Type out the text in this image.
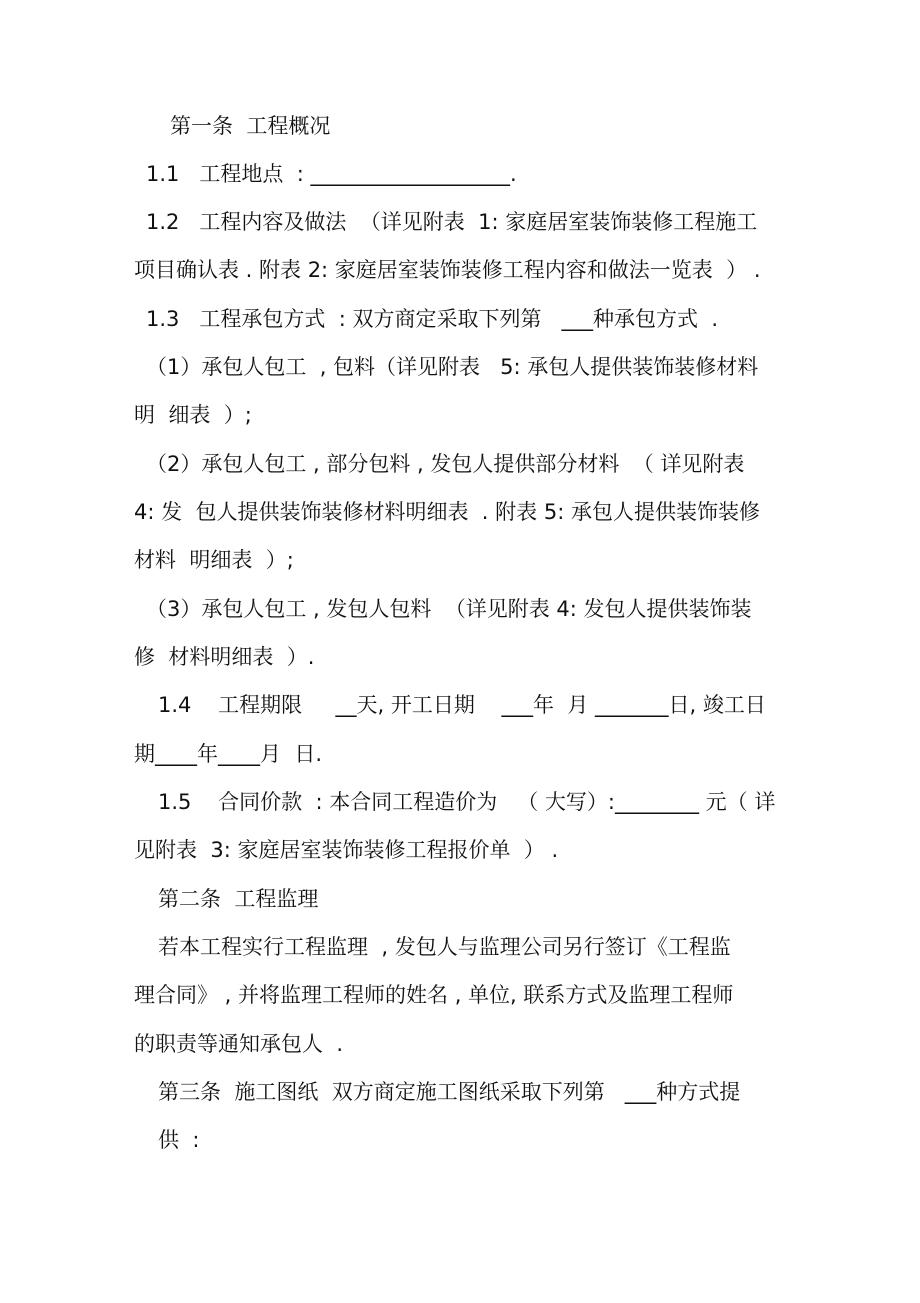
第一条  工程概况
1.1   工程地点  : ___________________.
1.2   工程内容及做法  （详见附表  1: 家庭居室装饰装修工程施工
项目确认表 . 附表 2: 家庭居室装饰装修工程内容和做法一览表  ） .
1.3   工程承包方式  : 双方商定采取下列第   ___种承包方式  .
（1）承包人包工  , 包料（详见附表   5: 承包人提供装饰装修材料
明  细表  ）;
（2）承包人包工 , 部分包料 , 发包人提供部分材料  （ 详见附表
4: 发  包人提供装饰装修材料明细表  . 附表 5: 承包人提供装饰装修
材料  明细表  ）;
（3）承包人包工 , 发包人包料  （详见附表 4: 发包人提供装饰装
修  材料明细表  ）.
1.4    工程期限     __天, 开工日期    ___年  月 _______日, 竣工日
期____年____月  日.
1.5    合同价款  : 本合同工程造价为   （ 大写）:________ 元（ 详
见附表  3: 家庭居室装饰装修工程报价单  ） .
第二条  工程监理
若本工程实行工程监理  , 发包人与监理公司另行签订《工程监
理合同》 , 并将监理工程师的姓名 , 单位, 联系方式及监理工程师
的职责等通知承包人  .
第三条  施工图纸  双方商定施工图纸采取下列第   ___种方式提
供  :
